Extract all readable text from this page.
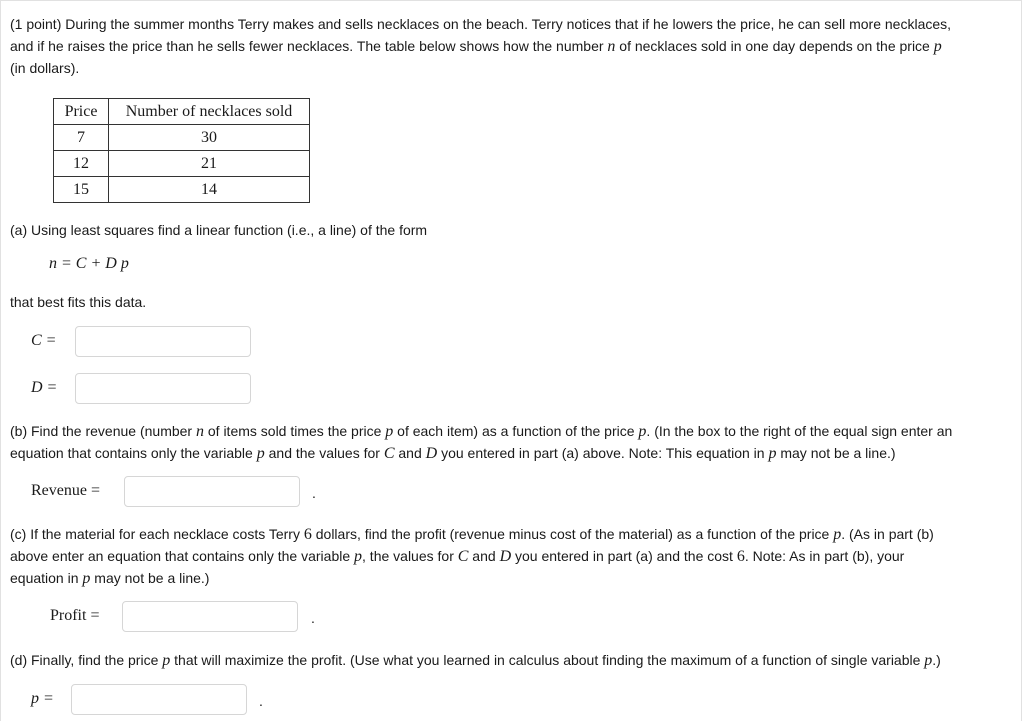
(1 point) During the summer months Terry makes and sells necklaces on the beach. Terry notices that if he lowers the price, he can sell more necklaces,

and if he raises the price than he sells fewer necklaces. The table below shows how the number n of necklaces sold in one day depends on the price p

(in dollars).

Price	Number of necklaces sold
7	30
12	21
15	14

(a) Using least squares find a linear function (i.e., a line) of the form

n = C + D p

that best fits this data.

C =
D =

(b) Find the revenue (number n of items sold times the price p of each item) as a function of the price p. (In the box to the right of the equal sign enter an

equation that contains only the variable p and the values for C and D you entered in part (a) above. Note: This equation in p may not be a line.)

Revenue =	.

(c) If the material for each necklace costs Terry 6 dollars, find the profit (revenue minus cost of the material) as a function of the price p. (As in part (b)

above enter an equation that contains only the variable p, the values for C and D you entered in part (a) and the cost 6. Note: As in part (b), your

equation in p may not be a line.)

Profit =	.

(d) Finally, find the price p that will maximize the profit. (Use what you learned in calculus about finding the maximum of a function of single variable p.)

p =	.
